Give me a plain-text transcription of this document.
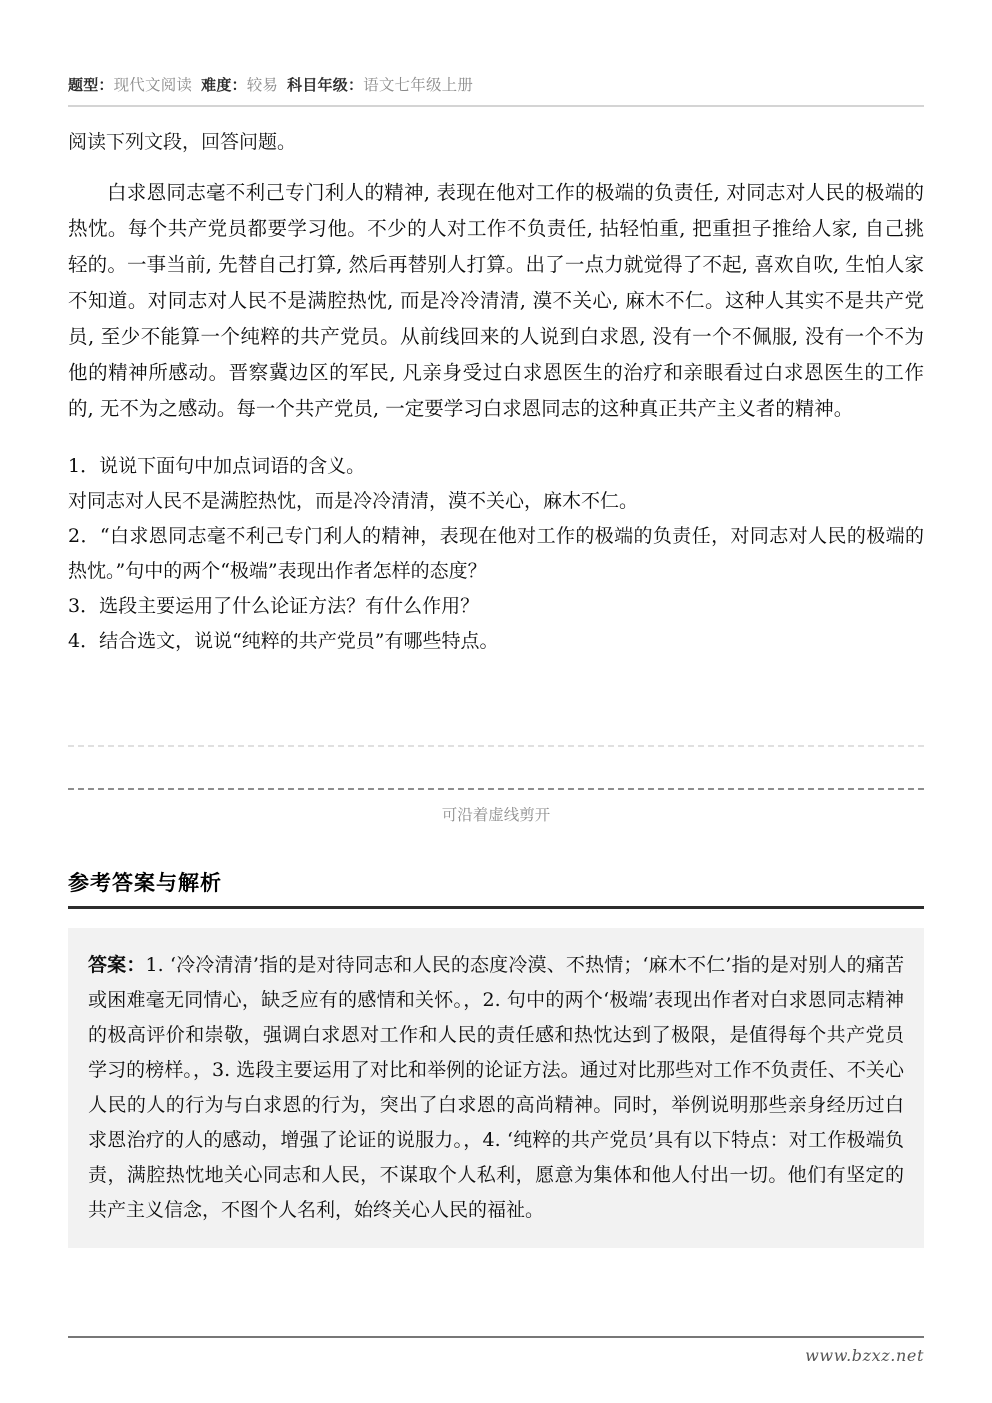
题型：现代文阅读 难度：较易 科目年级：语文七年级上册
阅读下列文段，回答问题。
白求恩同志毫不利己专门利人的精神, 表现在他对工作的极端的负责任, 对同志对人民的极端的热忱。每个共产党员都要学习他。不少的人对工作不负责任, 拈轻怕重, 把重担子推给人家, 自己挑轻的。一事当前, 先替自己打算, 然后再替别人打算。出了一点力就觉得了不起, 喜欢自吹, 生怕人家不知道。对同志对人民不是满腔热忱, 而是冷冷清清, 漠不关心, 麻木不仁。这种人其实不是共产党员, 至少不能算一个纯粹的共产党员。从前线回来的人说到白求恩, 没有一个不佩服, 没有一个不为他的精神所感动。晋察冀边区的军民, 凡亲身受过白求恩医生的治疗和亲眼看过白求恩医生的工作的, 无不为之感动。每一个共产党员, 一定要学习白求恩同志的这种真正共产主义者的精神。
1．说说下面句中加点词语的含义。
对同志对人民不是满腔热忱，而是冷冷清清，漠不关心，麻木不仁。
2．“白求恩同志毫不利己专门利人的精神，表现在他对工作的极端的负责任，对同志对人民的极端的热忱。”句中的两个“极端”表现出作者怎样的态度？
3．选段主要运用了什么论证方法？有什么作用？
4．结合选文，说说“纯粹的共产党员”有哪些特点。
可沿着虚线剪开
参考答案与解析

答案：1. ‘冷冷清清’指的是对待同志和人民的态度冷漠、不热情；‘麻木不仁’指的是对别人的痛苦或困难毫无同情心，缺乏应有的感情和关怀。，2. 句中的两个‘极端’表现出作者对白求恩同志精神的极高评价和崇敬，强调白求恩对工作和人民的责任感和热忱达到了极限，是值得每个共产党员学习的榜样。，3. 选段主要运用了对比和举例的论证方法。通过对比那些对工作不负责任、不关心人民的人的行为与白求恩的行为，突出了白求恩的高尚精神。同时，举例说明那些亲身经历过白求恩治疗的人的感动，增强了论证的说服力。，4. ‘纯粹的共产党员’具有以下特点：对工作极端负责，满腔热忱地关心同志和人民，不谋取个人私利，愿意为集体和他人付出一切。他们有坚定的共产主义信念，不图个人名利，始终关心人民的福祉。

www.bzxz.net
